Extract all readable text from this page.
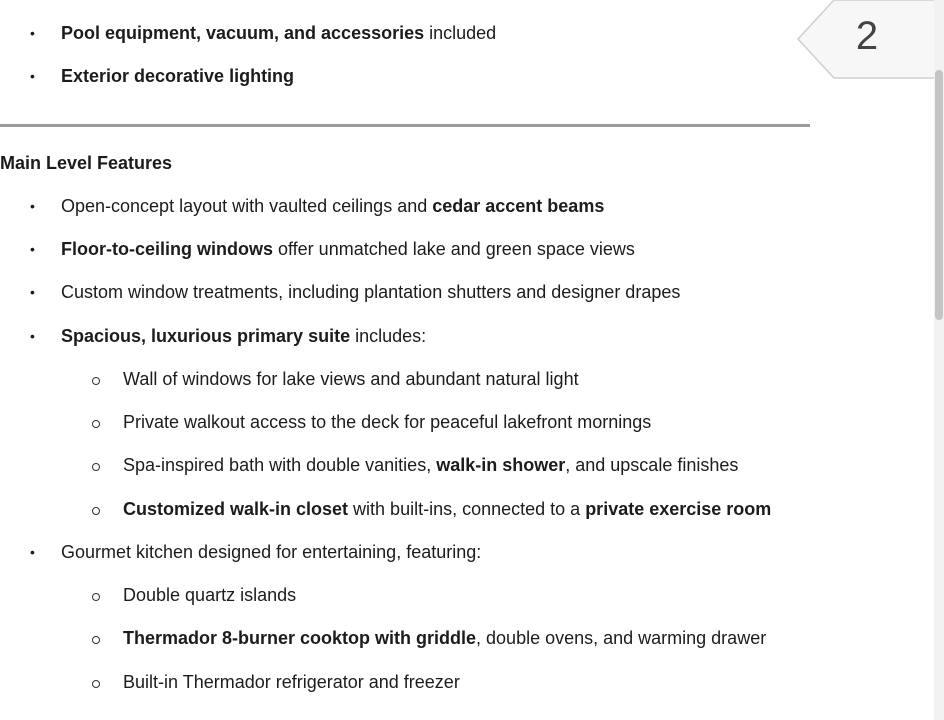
• Pool equipment, vacuum, and accessories included
• Exterior decorative lighting
Main Level Features
• Open-concept layout with vaulted ceilings and cedar accent beams
• Floor-to-ceiling windows offer unmatched lake and green space views
• Custom window treatments, including plantation shutters and designer drapes
• Spacious, luxurious primary suite includes:
Wall of windows for lake views and abundant natural light
Private walkout access to the deck for peaceful lakefront mornings
Spa-inspired bath with double vanities, walk-in shower, and upscale finishes
Customized walk-in closet with built-ins, connected to a private exercise room
• Gourmet kitchen designed for entertaining, featuring:
Double quartz islands
Thermador 8-burner cooktop with griddle, double ovens, and warming drawer
Built-in Thermador refrigerator and freezer
2
